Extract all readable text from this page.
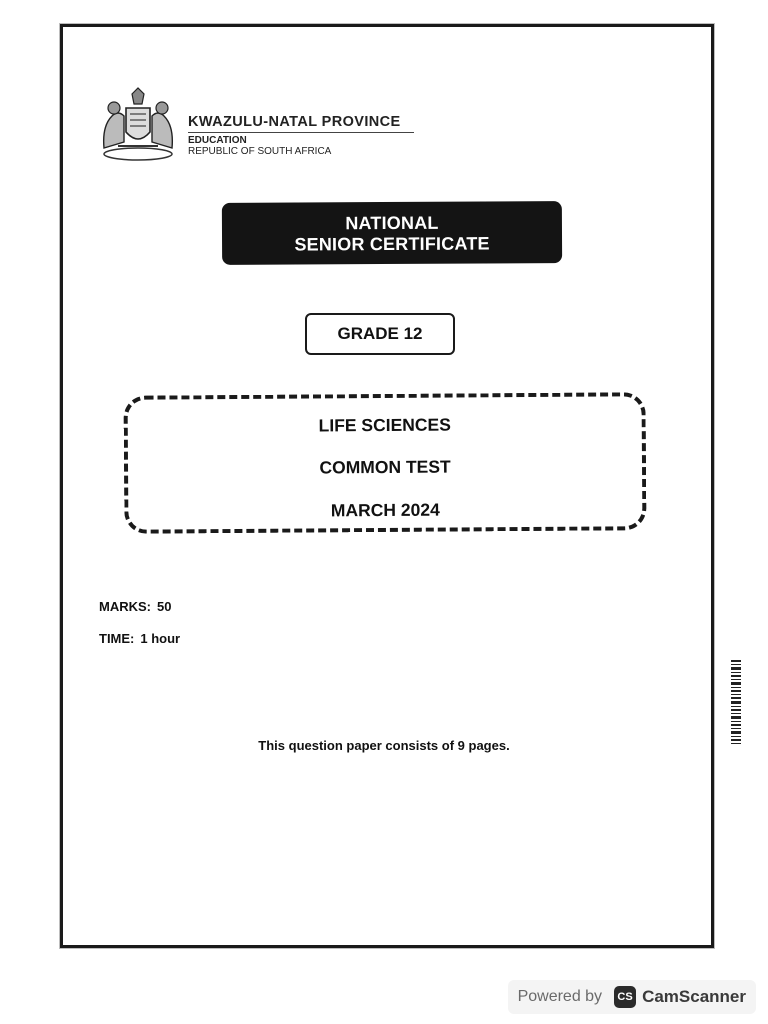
KWAZULU-NATAL PROVINCE
EDUCATION
REPUBLIC OF SOUTH AFRICA
NATIONAL
SENIOR CERTIFICATE
GRADE 12
LIFE SCIENCES
COMMON TEST
MARCH 2024
MARKS: 50
TIME: 1 hour
This question paper consists of 9 pages.
Powered by	CS CamScanner
